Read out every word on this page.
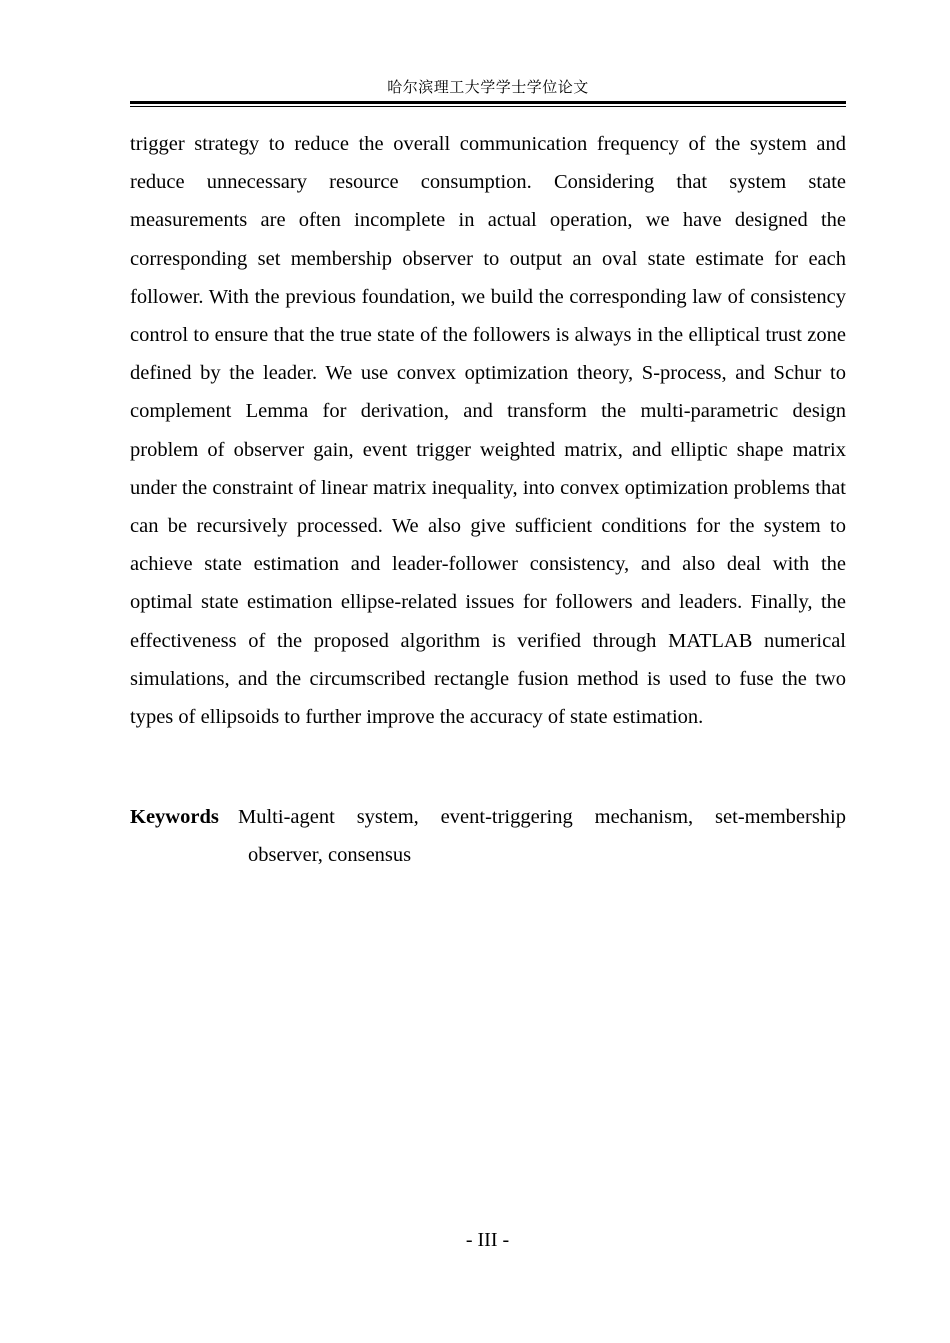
哈尔滨理工大学学士学位论文

trigger strategy to reduce the overall communication frequency of the system and reduce unnecessary resource consumption. Considering that system state measurements are often incomplete in actual operation, we have designed the corresponding set membership observer to output an oval state estimate for each follower. With the previous foundation, we build the corresponding law of consistency control to ensure that the true state of the followers is always in the elliptical trust zone defined by the leader. We use convex optimization theory, S-process, and Schur to complement Lemma for derivation, and transform the multi-parametric design problem of observer gain, event trigger weighted matrix, and elliptic shape matrix under the constraint of linear matrix inequality, into convex optimization problems that can be recursively processed. We also give sufficient conditions for the system to achieve state estimation and leader-follower consistency, and also deal with the optimal state estimation ellipse-related issues for followers and leaders. Finally, the effectiveness of the proposed algorithm is verified through MATLAB numerical simulations, and the circumscribed rectangle fusion method is used to fuse the two types of ellipsoids to further improve the accuracy of state estimation.

Keywords Multi-agent system, event-triggering mechanism, set-membership observer, consensus

- III -
